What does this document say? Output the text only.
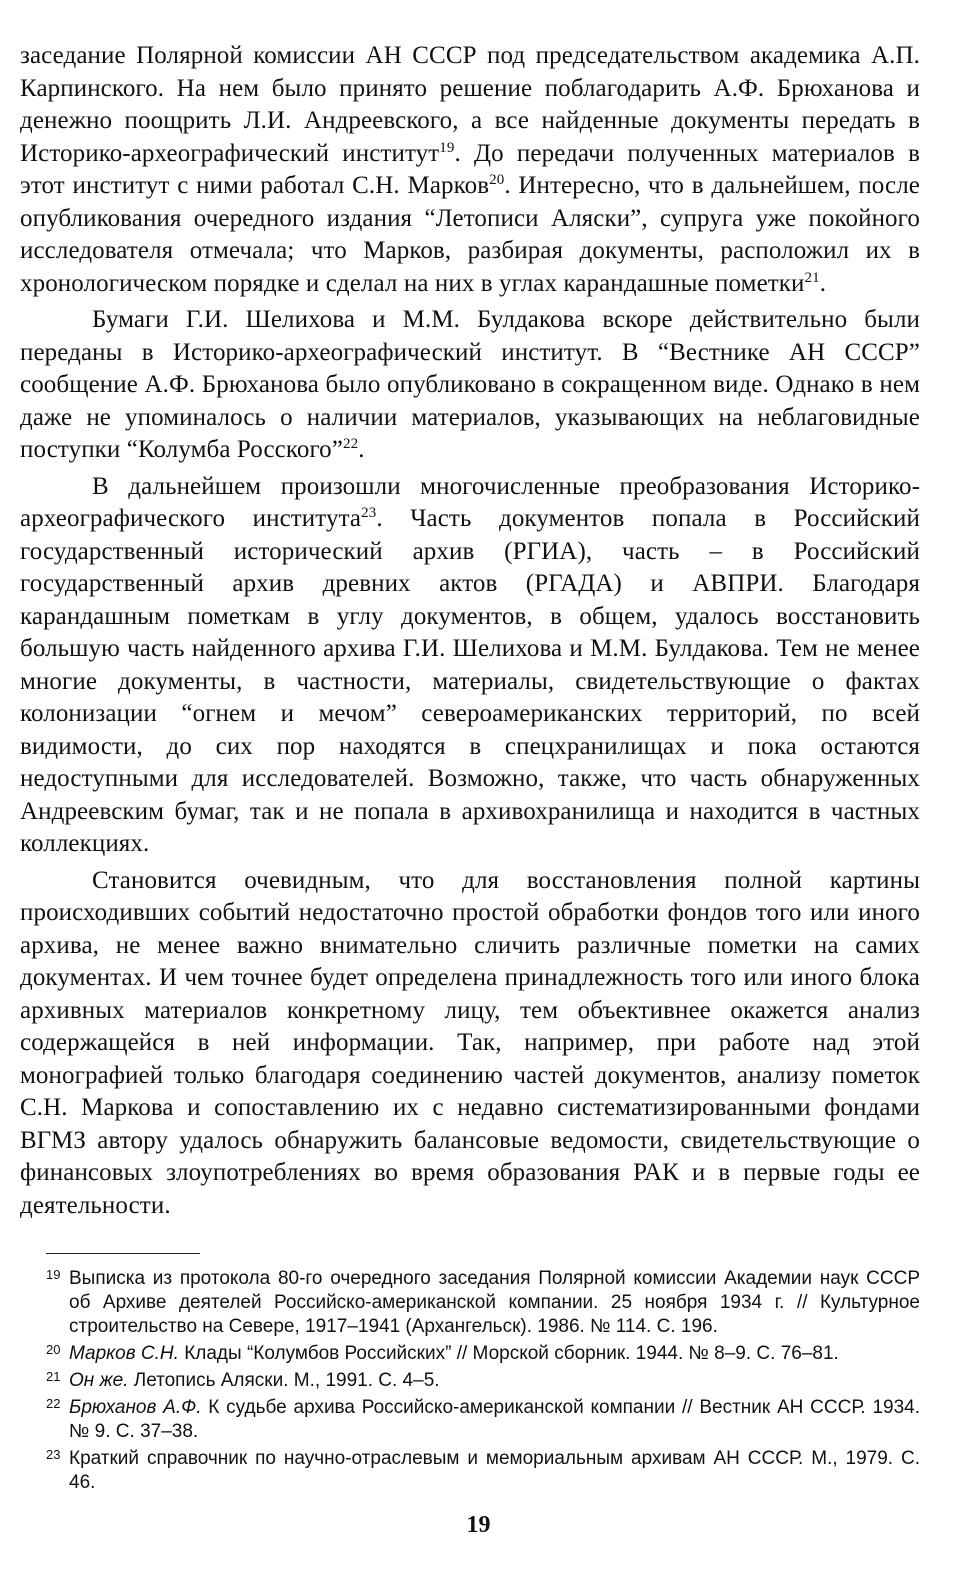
заседание Полярной комиссии АН СССР под председательством академика А.П. Карпинского. На нем было принято решение поблагодарить А.Ф. Брюханова и денежно поощрить Л.И. Андреевского, а все найденные документы передать в Историко-археографический институт$^{19}$. До передачи полученных материалов в этот институт с ними работал С.Н. Марков$^{20}$. Интересно, что в дальнейшем, после опубликования очередного издания “Летописи Аляски”, супруга уже покойного исследователя отмечала; что Марков, разбирая документы, расположил их в хронологическом порядке и сделал на них в углах карандашные пометки$^{21}$.

Бумаги Г.И. Шелихова и М.М. Булдакова вскоре действительно были переданы в Историко-археографический институт. В “Вестнике АН СССР” сообщение А.Ф. Брюханова было опубликовано в сокращенном виде. Однако в нем даже не упоминалось о наличии материалов, указывающих на неблаговидные поступки “Колумба Росского”$^{22}$.

В дальнейшем произошли многочисленные преобразования Историко-археографического института$^{23}$. Часть документов попала в Российский государственный исторический архив (РГИА), часть – в Российский государственный архив древних актов (РГАДА) и АВПРИ. Благодаря карандашным пометкам в углу документов, в общем, удалось восстановить большую часть найденного архива Г.И. Шелихова и М.М. Булдакова. Тем не менее многие документы, в частности, материалы, свидетельствующие о фактах колонизации “огнем и мечом” североамериканских территорий, по всей видимости, до сих пор находятся в спецхранилищах и пока остаются недоступными для исследователей. Возможно, также, что часть обнаруженных Андреевским бумаг, так и не попала в архивохранилища и находится в частных коллекциях.

Становится очевидным, что для восстановления полной картины происходивших событий недостаточно простой обработки фондов того или иного архива, не менее важно внимательно сличить различные пометки на самих документах. И чем точнее будет определена принадлежность того или иного блока архивных материалов конкретному лицу, тем объективнее окажется анализ содержащейся в ней информации. Так, например, при работе над этой монографией только благодаря соединению частей документов, анализу пометок С.Н. Маркова и сопоставлению их с недавно систематизированными фондами ВГМЗ автору удалось обнаружить балансовые ведомости, свидетельствующие о финансовых злоупотреблениях во время образования РАК и в первые годы ее деятельности.

19 Выписка из протокола 80-го очередного заседания Полярной комиссии Академии наук СССР об Архиве деятелей Российско-американской компании. 25 ноября 1934 г. // Культурное строительство на Севере, 1917–1941 (Архангельск). 1986. № 114. С. 196.
20 Марков С.Н. Клады “Колумбов Российских” // Морской сборник. 1944. № 8–9. С. 76–81.
21 Он же. Летопись Аляски. М., 1991. С. 4–5.
22 Брюханов А.Ф. К судьбе архива Российско-американской компании // Вестник АН СССР. 1934. № 9. С. 37–38.
23 Краткий справочник по научно-отраслевым и мемориальным архивам АН СССР. М., 1979. С. 46.
19
